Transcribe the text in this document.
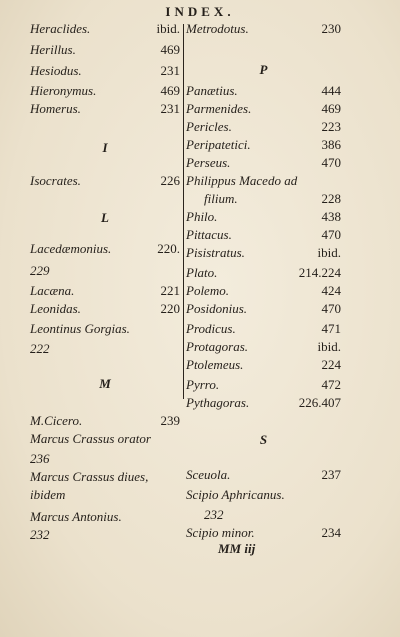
INDEX.
I
L
M
Heraclides.	ibid.
Herillus.	469
Hesiodus.	231
Hieronymus.	469
Homerus.	231
Isocrates.	226
Lacedæmonius.	220.
229
Lacæna.	221
Leonidas.	220
Leontinus Gorgias.
222
M.Cicero.	239
Marcus Crassus orator
236
Marcus Crassus diues,
ibidem
Marcus Antonius.
232
P
S
Metrodotus.	230
Panætius.	444
Parmenides.	469
Pericles.	223
Peripatetici.	386
Perseus.	470
Philippus Macedo ad
filium.	228
Philo.	438
Pittacus.	470
Pisistratus.	ibid.
Plato.	214.224
Polemo.	424
Posidonius.	470
Prodicus.	471
Protagoras.	ibid.
Ptolemeus.	224
Pyrro.	472
Pythagoras.	226.407
Sceuola.	237
Scipio Aphricanus.
232
Scipio minor.	234
MM iij
